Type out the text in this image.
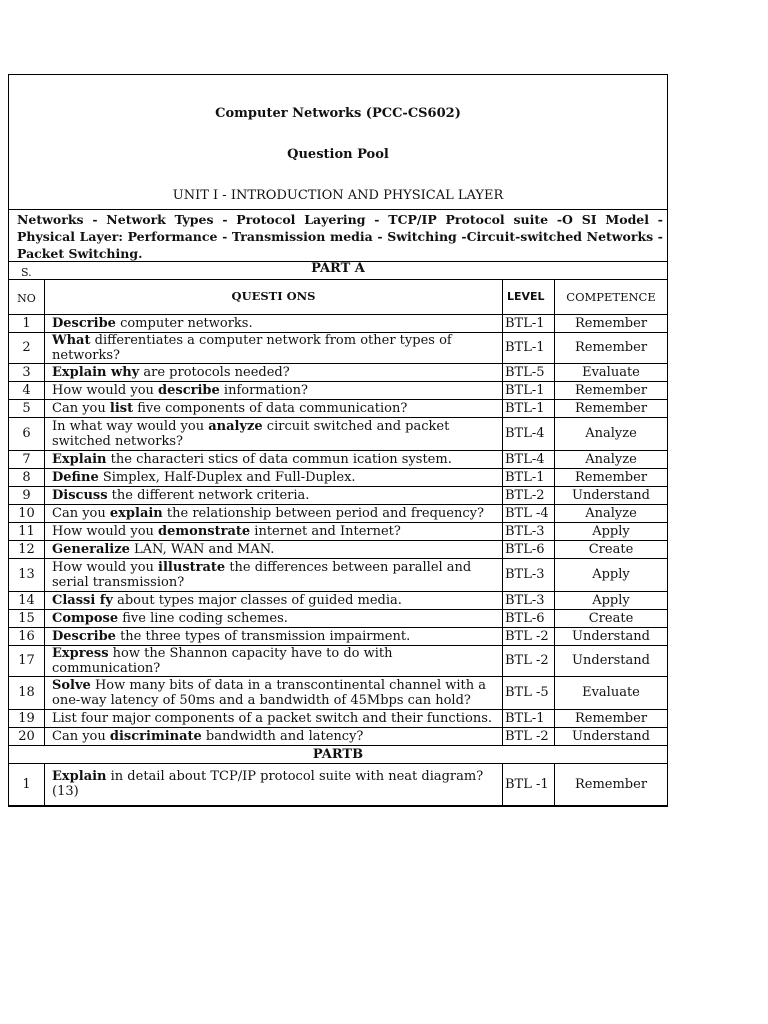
Computer Networks (PCC-CS602)
Question Pool
UNIT I - INTRODUCTION AND PHYSICAL LAYER
Networks - Network Types - Protocol Layering - TCP/IP Protocol suite -O SI Model - Physical Layer: Performance - Transmission media - Switching -Circuit-switched Networks - Packet Switching.
S.	PART A
NO	QUESTI ONS	LEVEL	COMPETENCE
1	Describe computer networks.	BTL-1	Remember
2	What differentiates a computer network from other types of networks?	BTL-1	Remember
3	Explain why are protocols needed?	BTL-5	Evaluate
4	How would you describe information?	BTL-1	Remember
5	Can you list five components of data communication?	BTL-1	Remember
6	In what way would you analyze circuit switched and packet switched networks?	BTL-4	Analyze
7	Explain the characteri stics of data commun ication system.	BTL-4	Analyze
8	Define Simplex, Half-Duplex and Full-Duplex.	BTL-1	Remember
9	Discuss the different network criteria.	BTL-2	Understand
10	Can you explain the relationship between period and frequency?	BTL -4	Analyze
11	How would you demonstrate internet and Internet?	BTL-3	Apply
12	Generalize LAN, WAN and MAN.	BTL-6	Create
13	How would you illustrate the differences between parallel and serial transmission?	BTL-3	Apply
14	Classi fy about types major classes of guided media.	BTL-3	Apply
15	Compose five line coding schemes.	BTL-6	Create
16	Describe the three types of transmission impairment.	BTL -2	Understand
17	Express how the Shannon capacity have to do with communication?	BTL -2	Understand
18	Solve How many bits of data in a transcontinental channel with a one-way latency of 50ms and a bandwidth of 45Mbps can hold?	BTL -5	Evaluate
19	List four major components of a packet switch and their functions.	BTL-1	Remember
20	Can you discriminate bandwidth and latency?	BTL -2	Understand
PARTB			
1	Explain in detail about TCP/IP protocol suite with neat diagram? (13)	BTL -1	Remember
